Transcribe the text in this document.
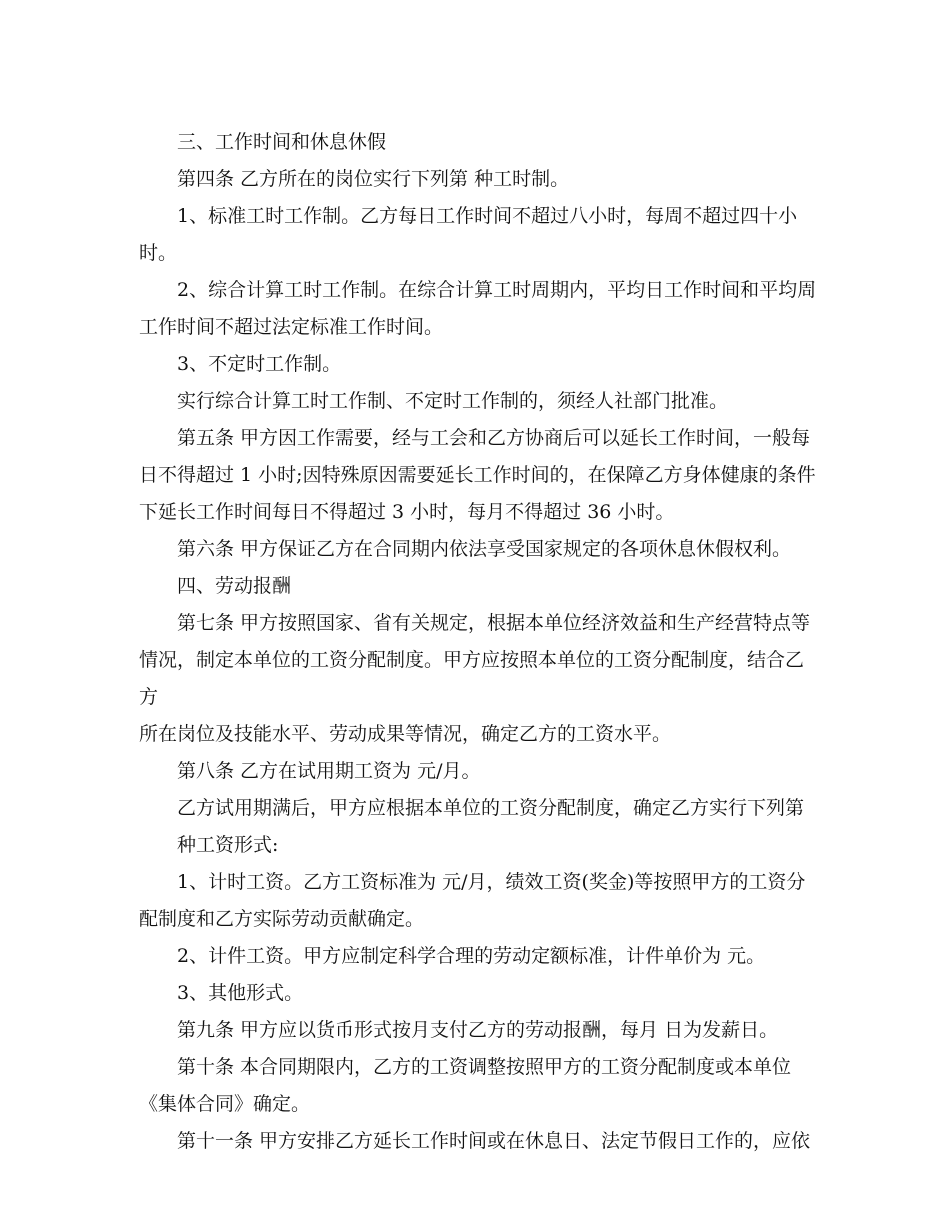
三、工作时间和休息休假

第四条 乙方所在的岗位实行下列第 种工时制。

1、标准工时工作制。乙方每日工作时间不超过八小时，每周不超过四十小

时。

2、综合计算工时工作制。在综合计算工时周期内，平均日工作时间和平均周

工作时间不超过法定标准工作时间。

3、不定时工作制。

实行综合计算工时工作制、不定时工作制的，须经人社部门批准。

第五条 甲方因工作需要，经与工会和乙方协商后可以延长工作时间，一般每

日不得超过 1 小时;因特殊原因需要延长工作时间的，在保障乙方身体健康的条件

下延长工作时间每日不得超过 3 小时，每月不得超过 36 小时。

第六条 甲方保证乙方在合同期内依法享受国家规定的各项休息休假权利。

四、劳动报酬

第七条 甲方按照国家、省有关规定，根据本单位经济效益和生产经营特点等

情况，制定本单位的工资分配制度。甲方应按照本单位的工资分配制度，结合乙方

所在岗位及技能水平、劳动成果等情况，确定乙方的工资水平。

第八条 乙方在试用期工资为 元/月。

乙方试用期满后，甲方应根据本单位的工资分配制度，确定乙方实行下列第

种工资形式:

1、计时工资。乙方工资标准为 元/月，绩效工资(奖金)等按照甲方的工资分

配制度和乙方实际劳动贡献确定。

2、计件工资。甲方应制定科学合理的劳动定额标准，计件单价为 元。

3、其他形式。

第九条 甲方应以货币形式按月支付乙方的劳动报酬，每月 日为发薪日。

第十条 本合同期限内，乙方的工资调整按照甲方的工资分配制度或本单位

《集体合同》确定。

第十一条 甲方安排乙方延长工作时间或在休息日、法定节假日工作的，应依
